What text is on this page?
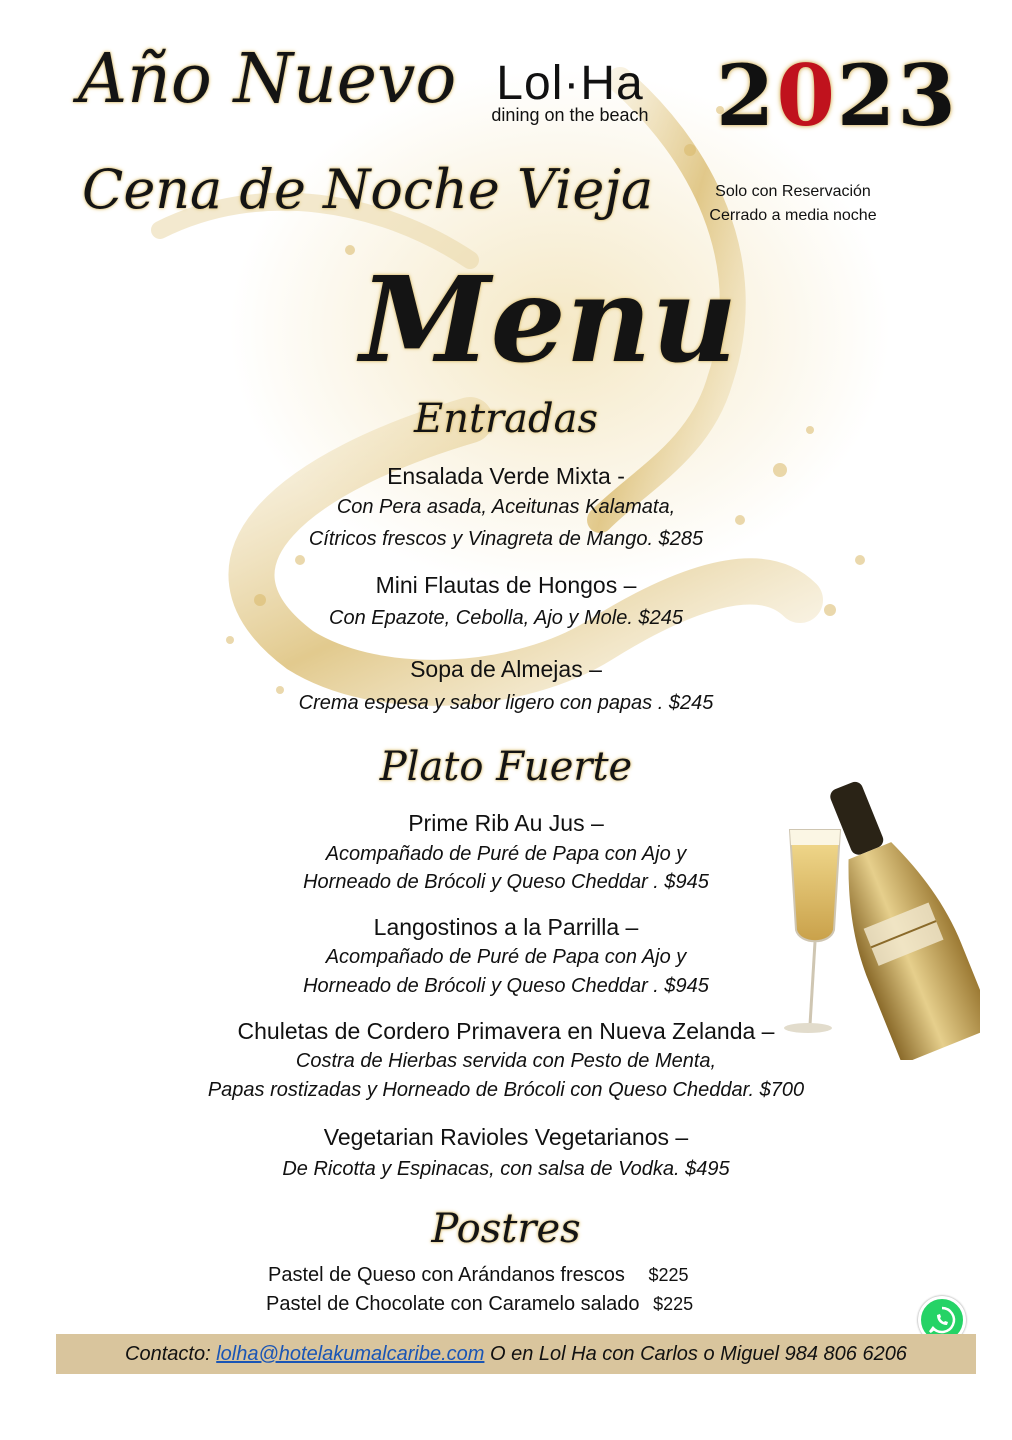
Año Nuevo Lol·Ha
dining on the beach 2023
Cena de Noche Vieja	Solo con Reservación
Cerrado a media noche
Menu
Entradas
Ensalada Verde Mixta -
Con Pera asada, Aceitunas Kalamata,
Cítricos frescos y Vinagreta de Mango. $285
Mini Flautas de Hongos –
Con Epazote, Cebolla, Ajo y Mole. $245
Sopa de Almejas –
Crema espesa y sabor ligero con papas . $245
Plato Fuerte
Prime Rib Au Jus –
Acompañado de Puré de Papa con Ajo y
Horneado de Brócoli y Queso Cheddar . $945
Langostinos a la Parrilla –
Acompañado de Puré de Papa con Ajo y
Horneado de Brócoli y Queso Cheddar . $945
Chuletas de Cordero Primavera en Nueva Zelanda –
Costra de Hierbas servida con Pesto de Menta,
Papas rostizadas y Horneado de Brócoli con Queso Cheddar. $700
Vegetarian Ravioles Vegetarianos –
De Ricotta y Espinacas, con salsa de Vodka. $495
Postres
Pastel de Queso con Arándanos frescos $225
Pastel de Chocolate con Caramelo salado $225
Contacto: lolha@hotelakumalcaribe.com O en Lol Ha con Carlos o Miguel 984 806 6206
